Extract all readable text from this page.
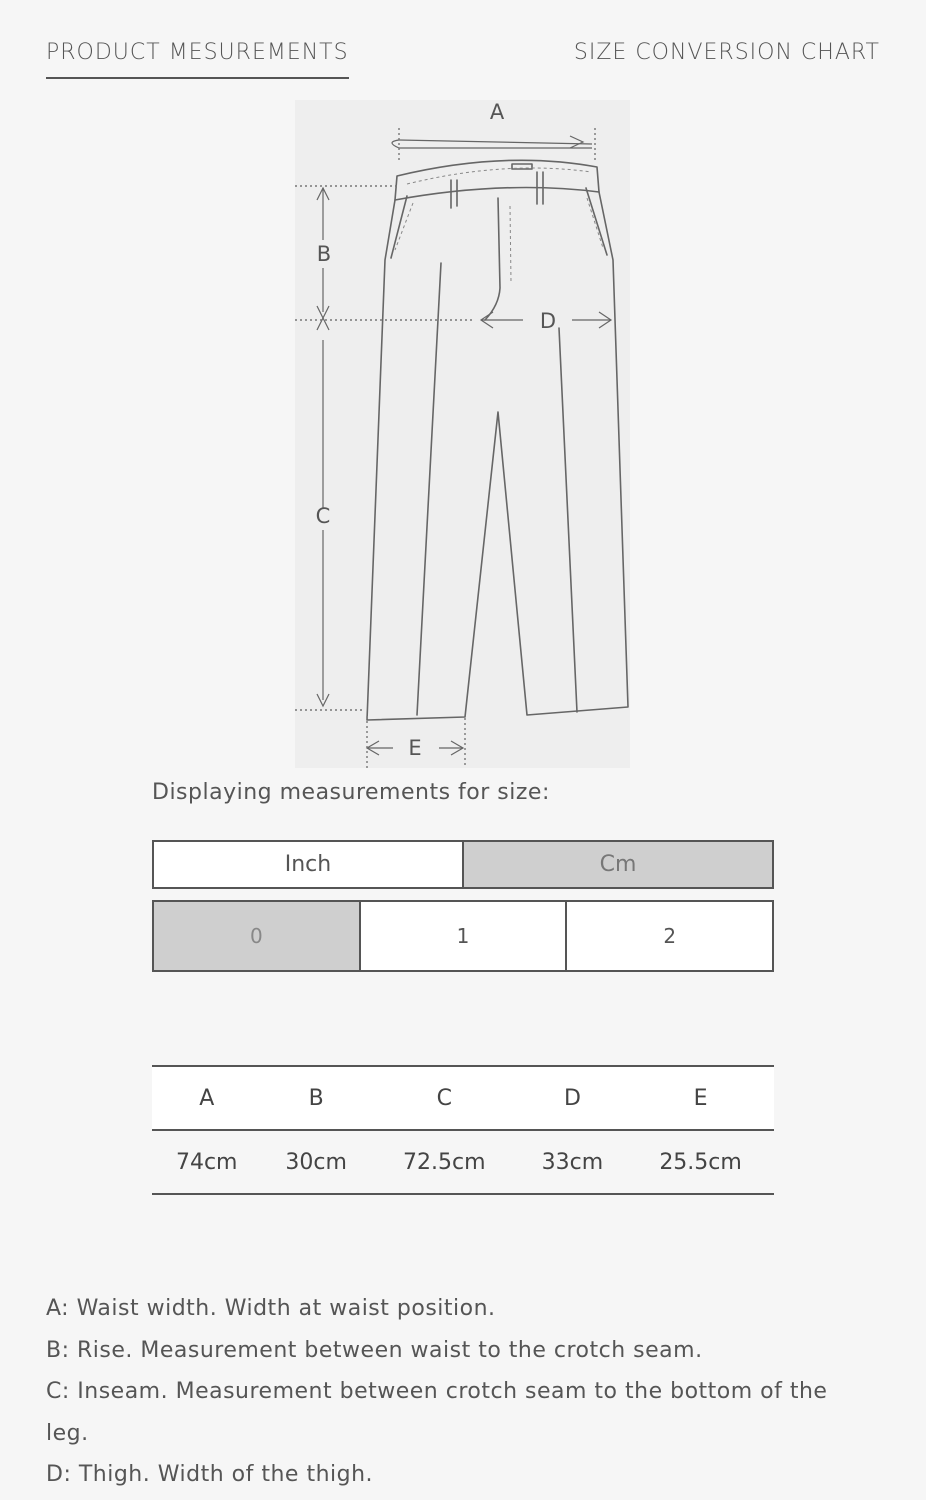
PRODUCT MESUREMENTS	SIZE CONVERSION CHART
A
B
C
D
E
Displaying measurements for size:
Inch	Cm
0	1	2
A	B	C	D	E
74cm	30cm	72.5cm	33cm	25.5cm

A: Waist width. Width at waist position.

B: Rise. Measurement between waist to the crotch seam.

C: Inseam. Measurement between crotch seam to the bottom of the leg.

D: Thigh. Width of the thigh.
